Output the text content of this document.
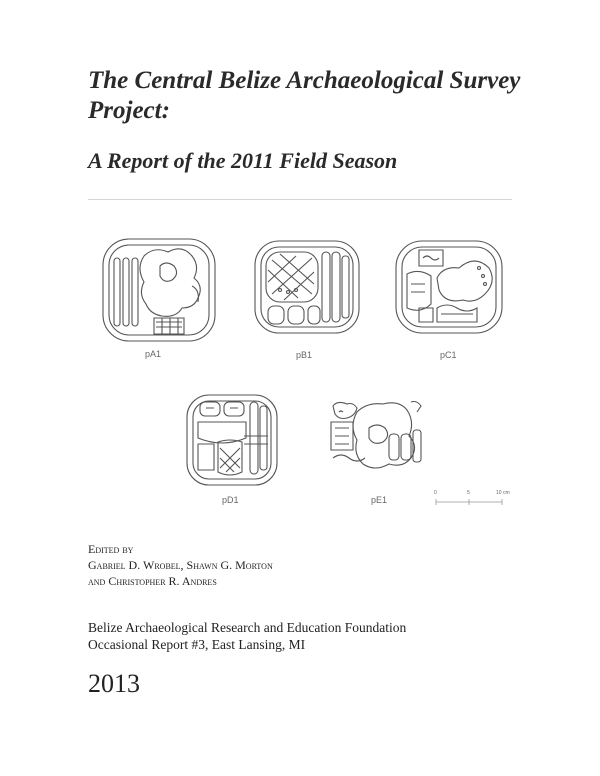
The Central Belize Archaeological Survey Project:
A Report of the 2011 Field Season
pA1	pB1	pC1
pD1	pE1
0	5	10 cm
Edited by
Gabriel D. Wrobel, Shawn G. Morton
and Christopher R. Andres
Belize Archaeological Research and Education Foundation
Occasional Report #3, East Lansing, MI
2013
